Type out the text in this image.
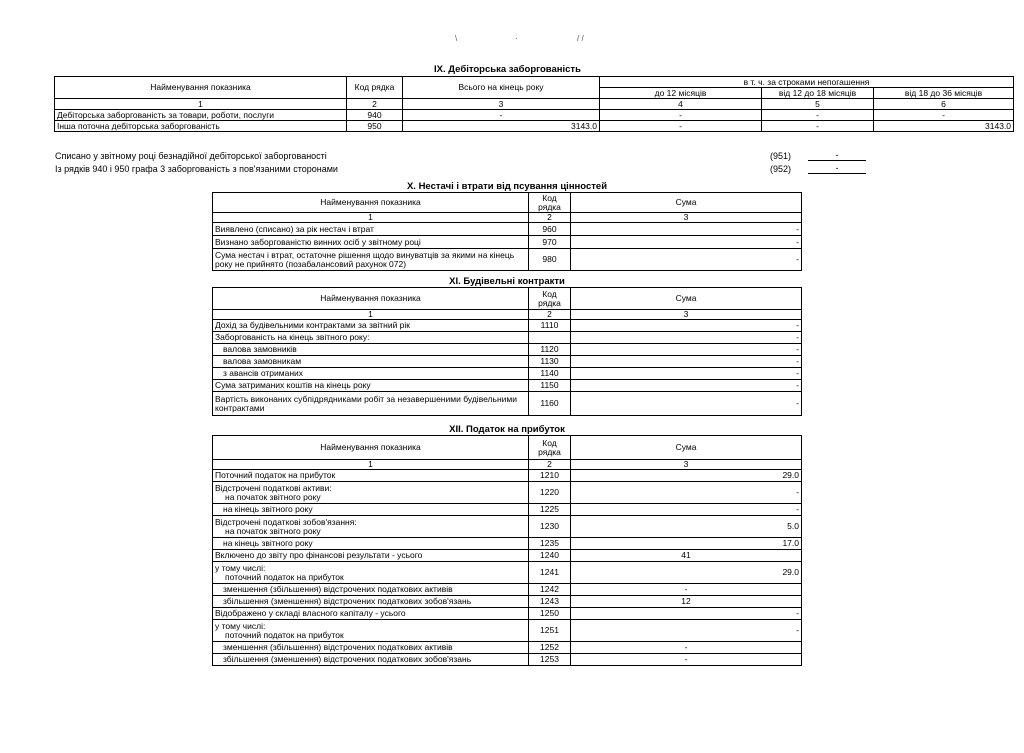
\	·	/ /
IX. Дебіторська заборгованість
Найменування показника	Код рядка	Всього на кінець року	в т. ч. за строками непогашення		
			до 12 місяців	від 12 до 18 місяців	від 18 до 36 місяців
1	2	3	4	5	6
Дебіторська заборгованість за товари, роботи, послуги	940	-	-	-	-
Інша поточна дебіторська заборгованість	950	3143.0	-	-	3143.0
Списано у звітному році безнадійної дебіторської заборгованості	(951)	-
Із рядків 940 і 950 графа 3 заборгованість з пов'язаними сторонами	(952)	-
X. Нестачі і втрати від псування цінностей
Найменування показника	Код рядка	Сума
1	2	3
Виявлено (списано) за рік нестач і втрат	960	-
Визнано заборгованістю винних осіб у звітному році	970	-
Сума нестач і втрат, остаточне рішення щодо винуватців за якими на кінець року не прийнято (позабалансовий рахунок 072)	980	-
XI. Будівельні контракти
Найменування показника	Код рядка	Сума
1	2	3
Дохід за будівельними контрактами за звітний рік	1110	-
Заборгованість на кінець звітного року:		-
валова замовників	1120	-
валова замовникам	1130	-
з авансів отриманих	1140	-
Сума затриманих коштів на кінець року	1150	-
Вартість виконаних субпідрядниками робіт за незавершеними будівельними контрактами	1160	-
XII. Податок на прибуток
Найменування показника	Код рядка	Сума
1	2	3
Поточний податок на прибуток	1210	29.0

Відстрочені податкові активи:
на початок звітного року	1220	-
на кінець звітного року	1225	-

Відстрочені податкові зобов'язання:
на початок звітного року	1230	5.0
на кінець звітного року	1235	17.0
Включено до звіту про фінансові результати - усього	1240	41

у тому числі:
поточний податок на прибуток	1241	29.0
зменшення (збільшення) відстрочених податкових активів	1242	-
збільшення (зменшення) відстрочених податкових зобов'язань	1243	12
Відображено у складі власного капіталу - усього	1250	-

у тому числі:
поточний податок на прибуток	1251	-
зменшення (збільшення) відстрочених податкових активів	1252	-
збільшення (зменшення) відстрочених податкових зобов'язань	1253	-
